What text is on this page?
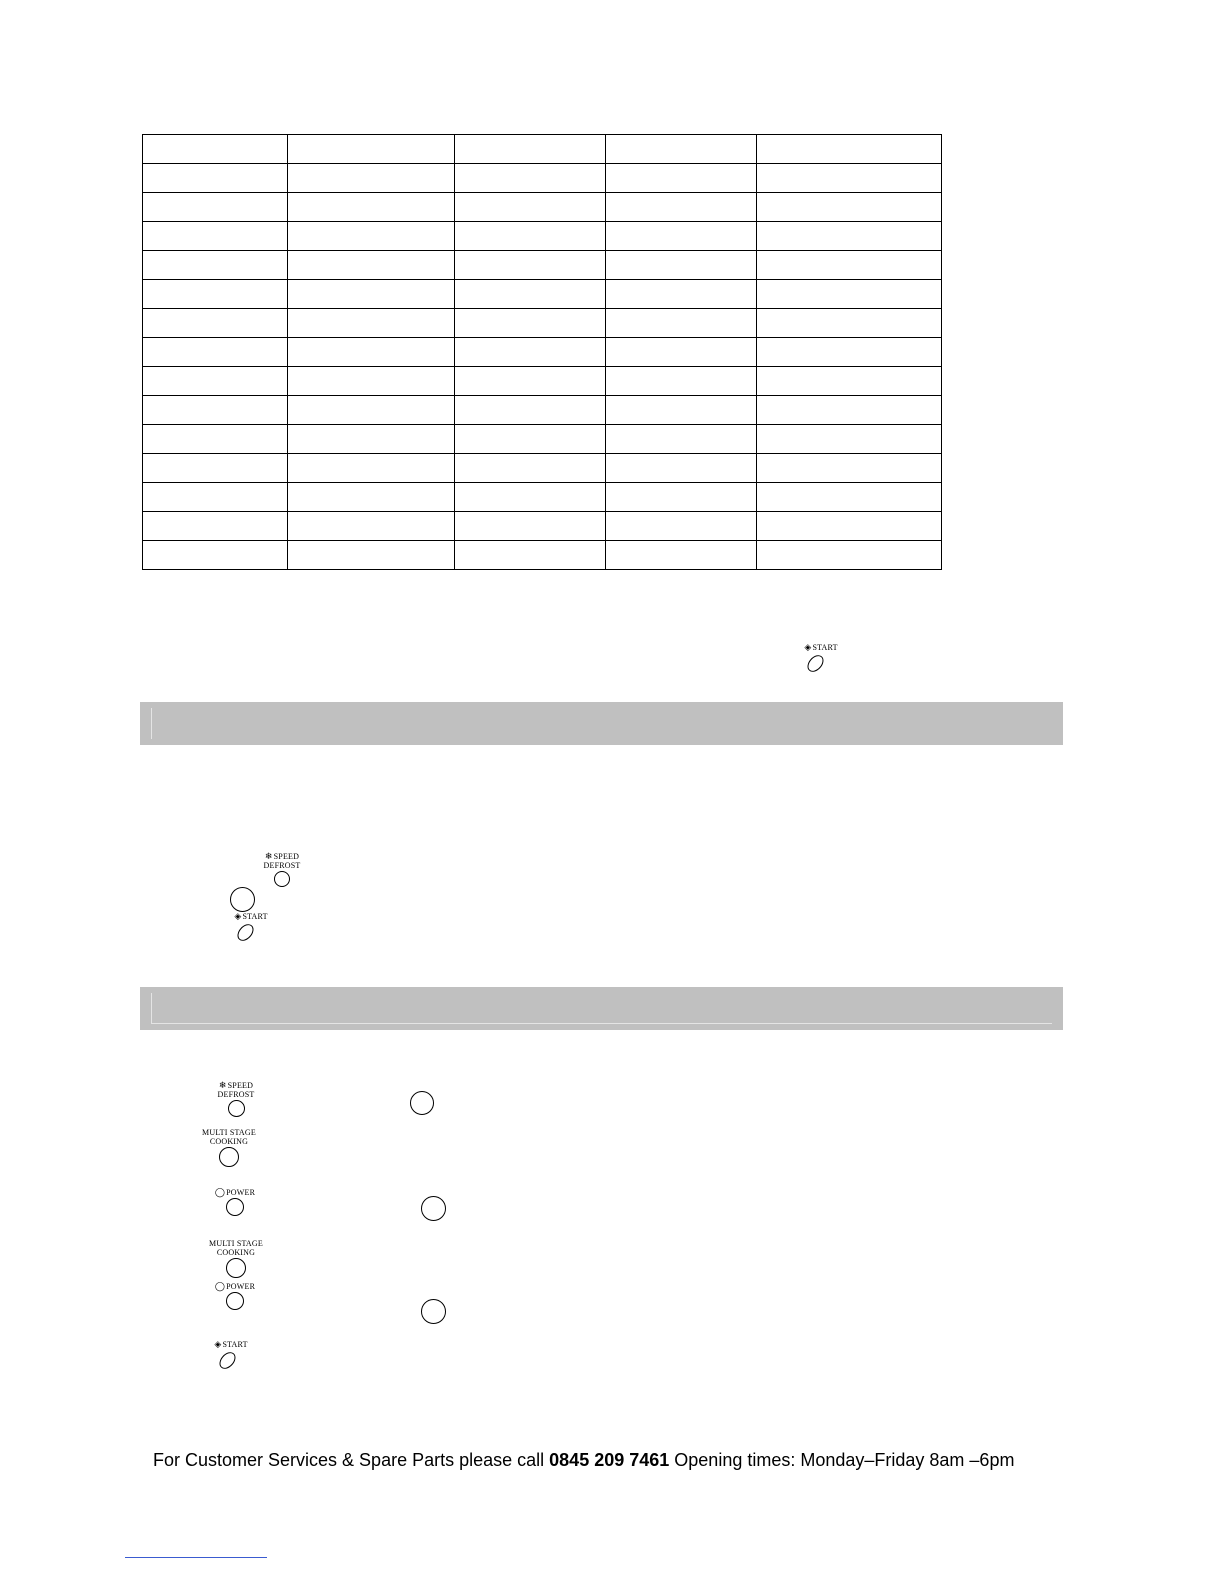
◈START
❄SPEED
DEFROST
◈START
❄SPEED
DEFROST
MULTI STAGE
COOKING
◯POWER
MULTI STAGE
COOKING
◯POWER
◈START
For Customer Services & Spare Parts please call 0845 209 7461 Opening times: Monday–Friday 8am –6pm
